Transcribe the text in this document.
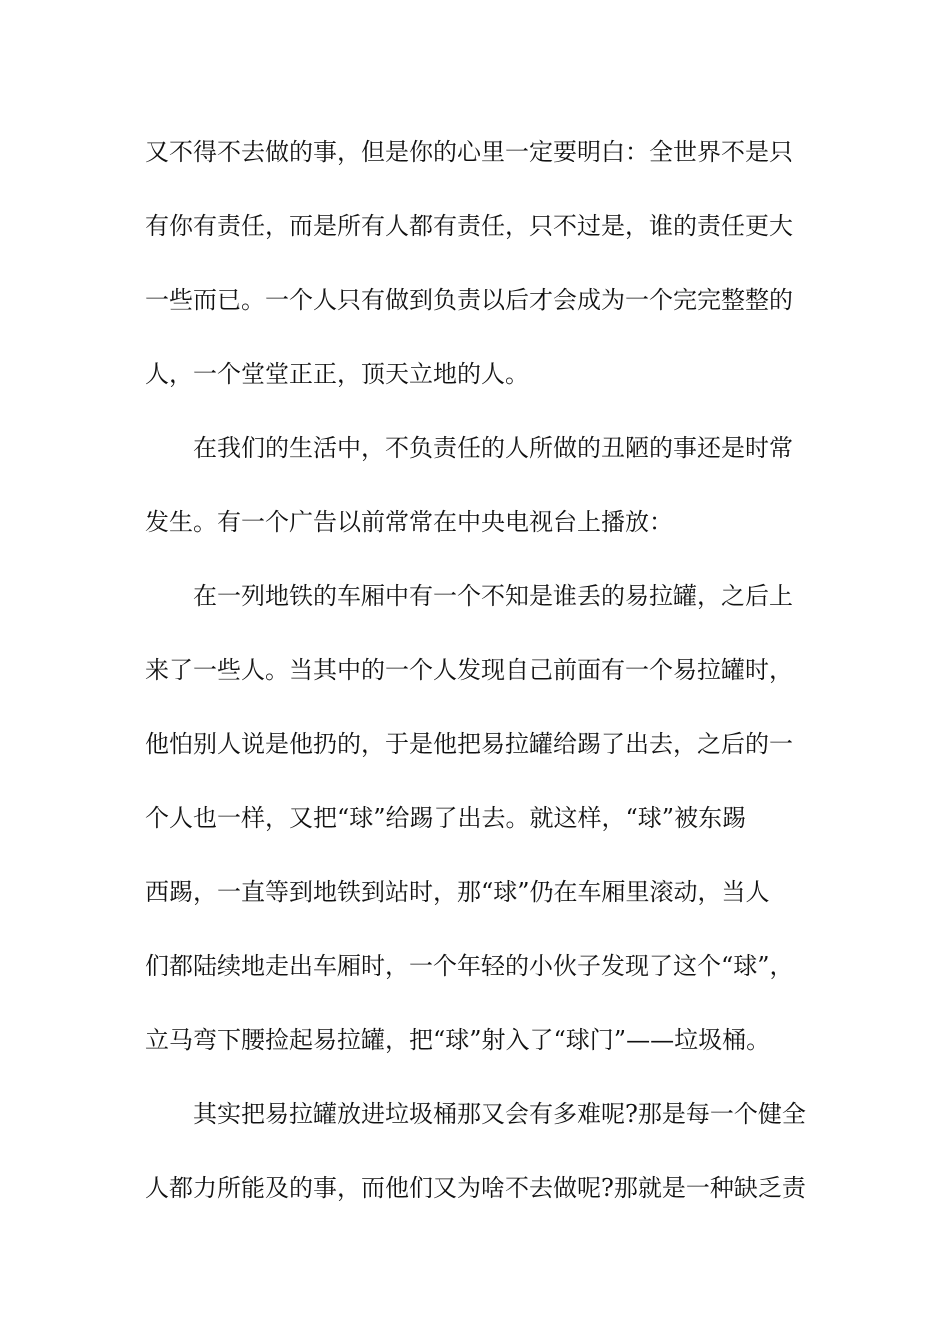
又不得不去做的事，但是你的心里一定要明白：全世界不是只
有你有责任，而是所有人都有责任，只不过是，谁的责任更大
一些而已。一个人只有做到负责以后才会成为一个完完整整的
人，一个堂堂正正，顶天立地的人。
在我们的生活中，不负责任的人所做的丑陋的事还是时常
发生。有一个广告以前常常在中央电视台上播放：
在一列地铁的车厢中有一个不知是谁丢的易拉罐，之后上
来了一些人。当其中的一个人发现自己前面有一个易拉罐时，
他怕别人说是他扔的，于是他把易拉罐给踢了出去，之后的一
个人也一样，又把“球”给踢了出去。就这样，“球”被东踢
西踢，一直等到地铁到站时，那“球”仍在车厢里滚动，当人
们都陆续地走出车厢时，一个年轻的小伙子发现了这个“球”，
立马弯下腰捡起易拉罐，把“球”射入了“球门”——垃圾桶。
其实把易拉罐放进垃圾桶那又会有多难呢?那是每一个健全
人都力所能及的事，而他们又为啥不去做呢?那就是一种缺乏责
